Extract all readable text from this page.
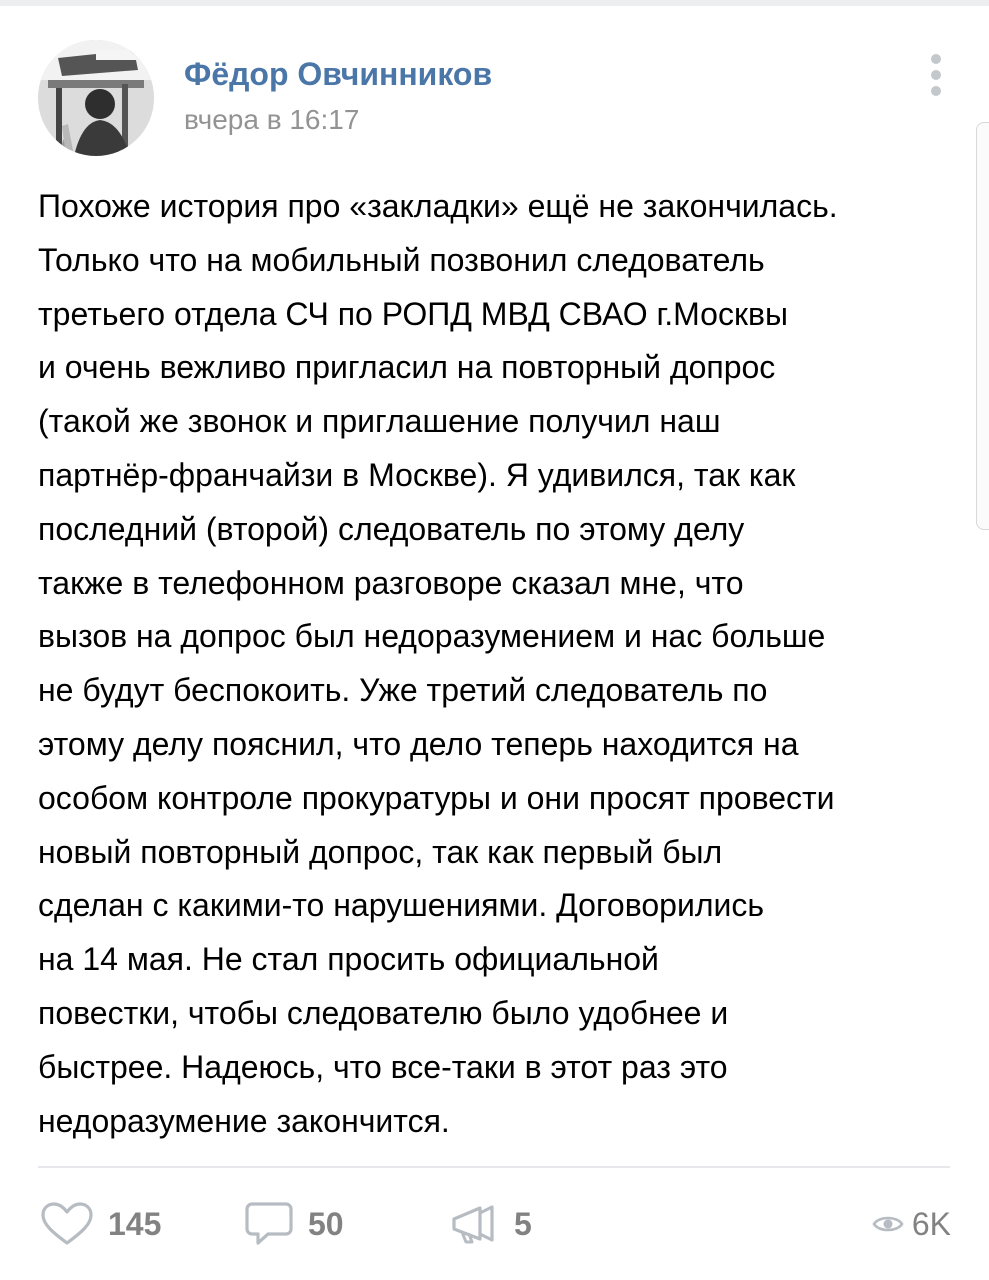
Фёдор Овчинников
вчера в 16:17

Похоже история про «закладки» ещё не закончилась.
Только что на мобильный позвонил следователь
третьего отдела СЧ по РОПД МВД СВАО г.Москвы
и очень вежливо пригласил на повторный допрос
(такой же звонок и приглашение получил наш
партнёр-франчайзи в Москве). Я удивился, так как
последний (второй) следователь по этому делу
также в телефонном разговоре сказал мне, что
вызов на допрос был недоразумением и нас больше
не будут беспокоить. Уже третий следователь по
этому делу пояснил, что дело теперь находится на
особом контроле прокуратуры и они просят провести
новый повторный допрос, так как первый был
сделан с какими-то нарушениями. Договорились
на 14 мая. Не стал просить официальной
повестки, чтобы следователю было удобнее и
быстрее. Надеюсь, что все-таки в этот раз это
недоразумение закончится.

145	50	5	6K
